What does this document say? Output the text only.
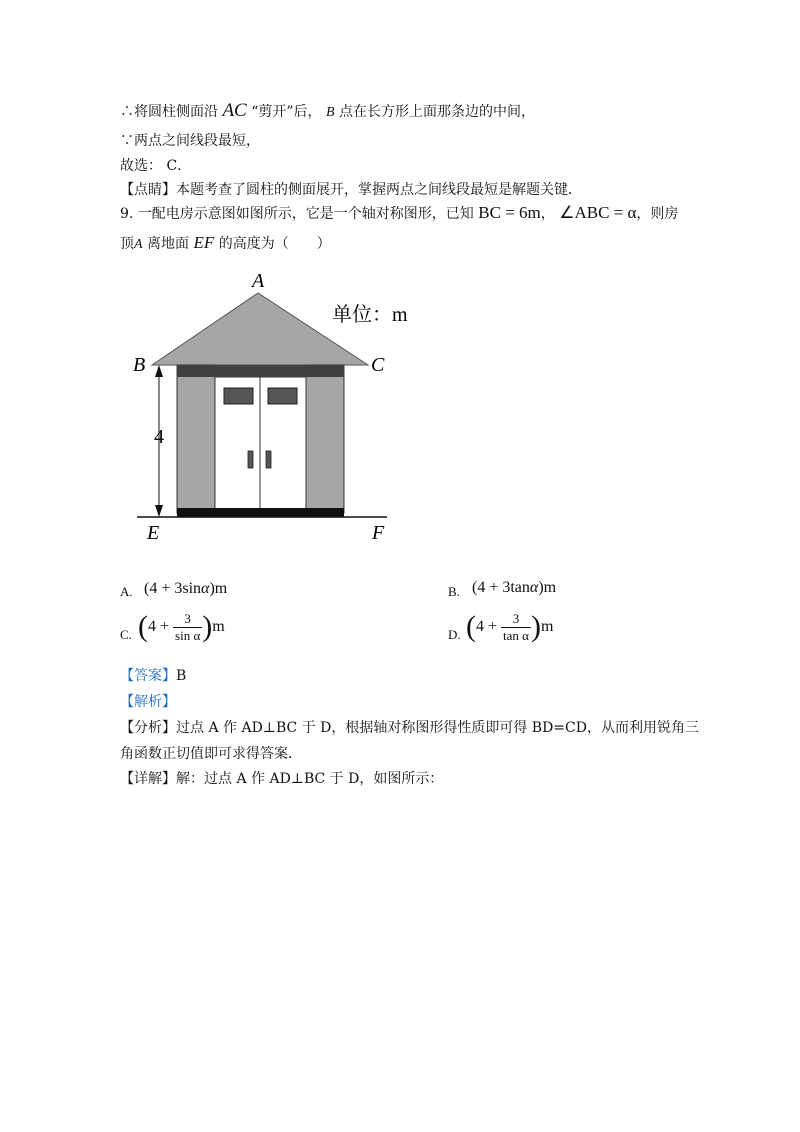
∴将圆柱侧面沿 AC “剪开”后， B 点在长方形上面那条边的中间，
∵两点之间线段最短，
故选： C．
【点睛】本题考查了圆柱的侧面展开，掌握两点之间线段最短是解题关键．
9. 一配电房示意图如图所示，它是一个轴对称图形，已知 BC = 6m， ∠ABC = α，则房
顶A 离地面 EF 的高度为（　　）
A
B	C
E	F
4
单位：m
A. (4 + 3sinα)m	B. (4 + 3tanα)m
C. $(4 + \frac{3}{\text{sin α}} )m$	D. $(4 + \frac{3}{\text{tan α}} )m$
【答案】B
【解析】
【分析】过点 A 作 AD⊥BC 于 D，根据轴对称图形得性质即可得 BD=CD，从而利用锐角三
角函数正切值即可求得答案．
【详解】解：过点 A 作 AD⊥BC 于 D，如图所示：
